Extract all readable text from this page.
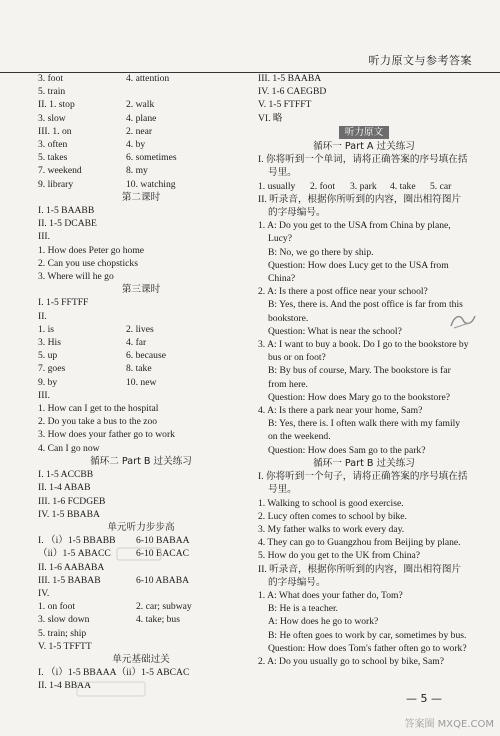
听力原文与参考答案
3. foot	4. attention
5. train
II. 1. stop	2. walk
3. slow	4. plane
III. 1. on	2. near
3. often	4. by
5. takes	6. sometimes
7. weekend	8. my
9. library	10. watching
第二课时
I. 1-5 BAABB
II. 1-5 DCABE
III.
1. How does Peter go home
2. Can you use chopsticks
3. Where will he go
第三课时
I. 1-5 FFTFF
II.
1. is	2. lives
3. His	4. far
5. up	6. because
7. goes	8. take
9. by	10. new
III.
1. How can I get to the hospital
2. Do you take a bus to the zoo
3. How does your father go to work
4. Can I go now
循环二 Part B 过关练习
I. 1-5 ACCBB
II. 1-4 ABAB
III. 1-6 FCDGEB
IV. 1-5 BBABA
单元听力步步高
I. （i）1-5 BBABB	6-10 BABAA
（ii）1-5 ABACC	6-10 BACAC
II. 1-6 AABABA
III. 1-5 BABAB	6-10 ABABA
IV.
1. on foot	2. car; subway
3. slow down	4. take; bus
5. train; ship
V. 1-5 TFFTT
单元基础过关
I. （i）1-5 BBAAA（ii）1-5 ABCAC
II. 1-4 BBAA
III. 1-5 BAABA
IV. 1-6 CAEGBD
V. 1-5 FTFFT
VI. 略
听力原文
循环一 Part A 过关练习
I. 你将听到一个单词，请将正确答案的序号填在括号里。
1. usually	2. foot	3. park	4. take	5. car
II. 听录音，根据你所听到的内容，圈出相符图片的字母编号。
1. A: Do you get to the USA from China by plane, Lucy?
B: No, we go there by ship.
Question: How does Lucy get to the USA from China?
2. A: Is there a post office near your school?
B: Yes, there is. And the post office is far from this bookstore.
Question: What is near the school?
3. A: I want to buy a book. Do I go to the bookstore by bus or on foot?
B: By bus of course, Mary. The bookstore is far from here.
Question: How does Mary go to the bookstore?
4. A: Is there a park near your home, Sam?
B: Yes, there is. I often walk there with my family on the weekend.
Question: How does Sam go to the park?
循环一 Part B 过关练习
I. 你将听到一个句子，请将正确答案的序号填在括号里。
1. Walking to school is good exercise.
2. Lucy often comes to school by bike.
3. My father walks to work every day.
4. They can go to Guangzhou from Beijing by plane.
5. How do you get to the UK from China?
II. 听录音，根据你所听到的内容，圈出相符图片的字母编号。
1. A: What does your father do, Tom?
B: He is a teacher.
A: How does he go to work?
B: He often goes to work by car, sometimes by bus.
Question: How does Tom's father often go to work?
2. A: Do you usually go to school by bike, Sam?
— 5 —
答案圈 MXQE.COM
